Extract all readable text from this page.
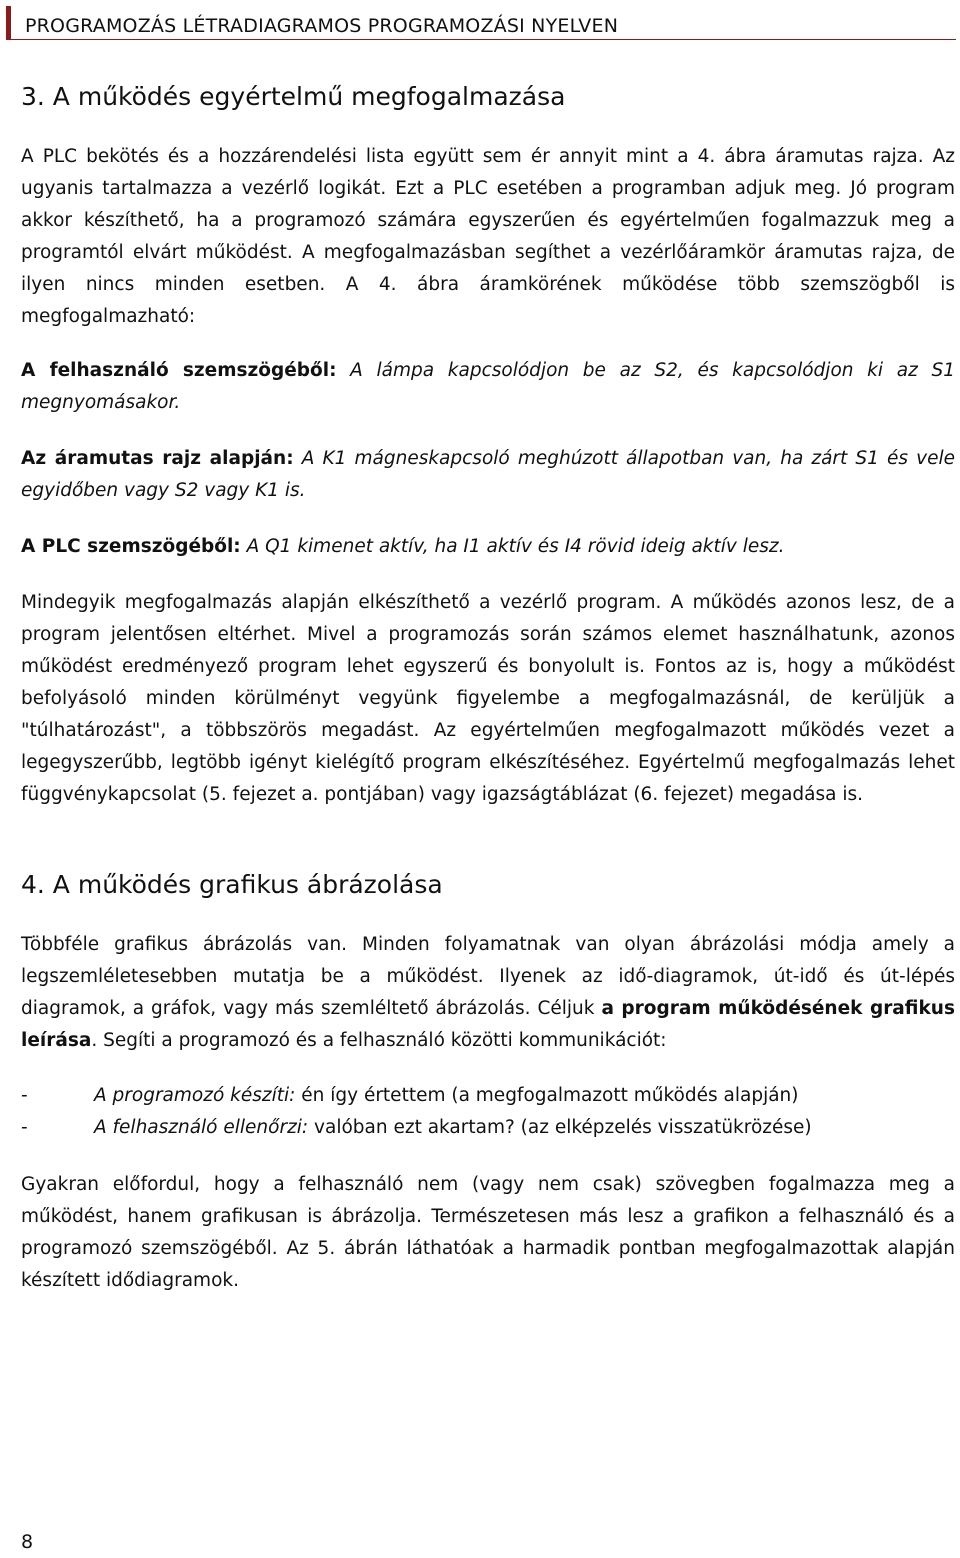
PROGRAMOZÁS LÉTRADIAGRAMOS PROGRAMOZÁSI NYELVEN
3. A működés egyértelmű megfogalmazása

A PLC bekötés és a hozzárendelési lista együtt sem ér annyit mint a 4. ábra áramutas rajza. Az ugyanis tartalmazza a vezérlő logikát. Ezt a PLC esetében a programban adjuk meg. Jó program akkor készíthető, ha a programozó számára egyszerűen és egyértelműen fogalmazzuk meg a programtól elvárt működést. A megfogalmazásban segíthet a vezérlőáramkör áramutas rajza, de ilyen nincs minden esetben. A 4. ábra áramkörének működése több szemszögből is megfogalmazható:

A felhasználó szemszögéből: A lámpa kapcsolódjon be az S2, és kapcsolódjon ki az S1 megnyomásakor.

Az áramutas rajz alapján: A K1 mágneskapcsoló meghúzott állapotban van, ha zárt S1 és vele egyidőben vagy S2 vagy K1 is.

A PLC szemszögéből: A Q1 kimenet aktív, ha I1 aktív és I4 rövid ideig aktív lesz.

Mindegyik megfogalmazás alapján elkészíthető a vezérlő program. A működés azonos lesz, de a program jelentősen eltérhet. Mivel a programozás során számos elemet használhatunk, azonos működést eredményező program lehet egyszerű és bonyolult is. Fontos az is, hogy a működést befolyásoló minden körülményt vegyünk figyelembe a megfogalmazásnál, de kerüljük a "túlhatározást", a többszörös megadást. Az egyértelműen megfogalmazott működés vezet a legegyszerűbb, legtöbb igényt kielégítő program elkészítéséhez. Egyértelmű megfogalmazás lehet függvénykapcsolat (5. fejezet a. pontjában) vagy igazságtáblázat (6. fejezet) megadása is.

4. A működés grafikus ábrázolása

Többféle grafikus ábrázolás van. Minden folyamatnak van olyan ábrázolási módja amely a legszemléletesebben mutatja be a működést. Ilyenek az idő-diagramok, út-idő és út-lépés diagramok, a gráfok, vagy más szemléltető ábrázolás. Céljuk a program működésének grafikus leírása. Segíti a programozó és a felhasználó közötti kommunikációt:

-	A programozó készíti: én így értettem (a megfogalmazott működés alapján)
-	A felhasználó ellenőrzi: valóban ezt akartam? (az elképzelés visszatükrözése)

Gyakran előfordul, hogy a felhasználó nem (vagy nem csak) szövegben fogalmazza meg a működést, hanem grafikusan is ábrázolja. Természetesen más lesz a grafikon a felhasználó és a programozó szemszögéből. Az 5. ábrán láthatóak a harmadik pontban megfogalmazottak alapján készített idődiagramok.

8
